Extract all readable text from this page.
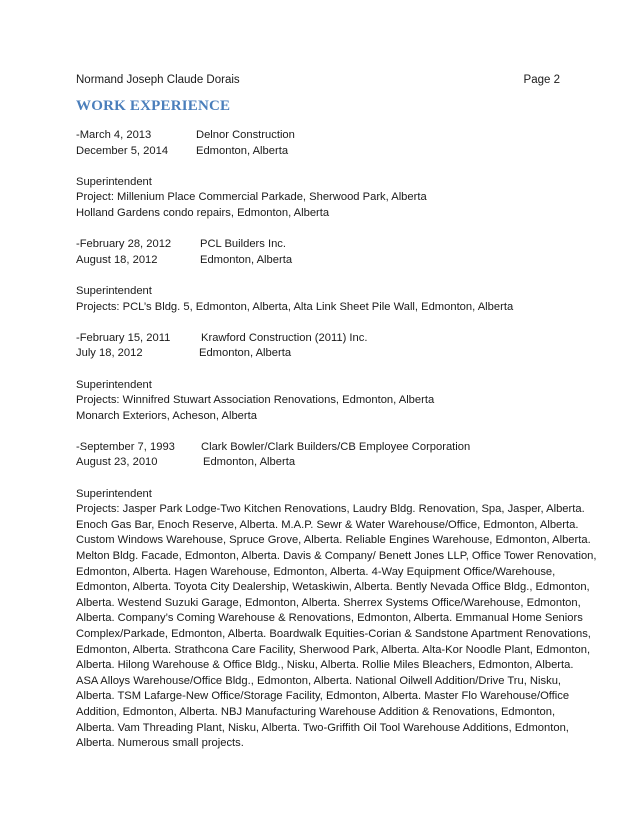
Normand Joseph Claude Dorais	Page 2
WORK EXPERIENCE
-March 4, 2013	Delnor Construction
December 5, 2014 Edmonton, Alberta
Superintendent
Project: Millenium Place Commercial Parkade, Sherwood Park, Alberta
Holland Gardens condo repairs, Edmonton, Alberta
-February 28, 2012	PCL Builders Inc.
August 18, 2012	Edmonton, Alberta
Superintendent
Projects: PCL’s Bldg. 5, Edmonton, Alberta, Alta Link Sheet Pile Wall, Edmonton, Alberta
-February 15, 2011	Krawford Construction (2011) Inc.
July 18, 2012	Edmonton, Alberta
Superintendent
Projects: Winnifred Stuwart Association Renovations, Edmonton, Alberta
Monarch Exteriors, Acheson, Alberta
-September 7, 1993 Clark Bowler/Clark Builders/CB Employee Corporation
August 23, 2010	Edmonton, Alberta
Superintendent
Projects: Jasper Park Lodge-Two Kitchen Renovations, Laudry Bldg. Renovation, Spa, Jasper, Alberta.
Enoch Gas Bar, Enoch Reserve, Alberta. M.A.P. Sewr & Water Warehouse/Office, Edmonton, Alberta.
Custom Windows Warehouse, Spruce Grove, Alberta. Reliable Engines Warehouse, Edmonton, Alberta.
Melton Bldg. Facade, Edmonton, Alberta. Davis & Company/ Benett Jones LLP, Office Tower Renovation,
Edmonton, Alberta. Hagen Warehouse, Edmonton, Alberta. 4-Way Equipment Office/Warehouse,
Edmonton, Alberta. Toyota City Dealership, Wetaskiwin, Alberta. Bently Nevada Office Bldg., Edmonton,
Alberta. Westend Suzuki Garage, Edmonton, Alberta. Sherrex Systems Office/Warehouse, Edmonton,
Alberta. Company’s Coming Warehouse & Renovations, Edmonton, Alberta. Emmanual Home Seniors
Complex/Parkade, Edmonton, Alberta. Boardwalk Equities-Corian & Sandstone Apartment Renovations,
Edmonton, Alberta. Strathcona Care Facility, Sherwood Park, Alberta. Alta-Kor Noodle Plant, Edmonton,
Alberta. Hilong Warehouse & Office Bldg., Nisku, Alberta. Rollie Miles Bleachers, Edmonton, Alberta.
ASA Alloys Warehouse/Office Bldg., Edmonton, Alberta. National Oilwell Addition/Drive Tru, Nisku,
Alberta. TSM Lafarge-New Office/Storage Facility, Edmonton, Alberta. Master Flo Warehouse/Office
Addition, Edmonton, Alberta. NBJ Manufacturing Warehouse Addition & Renovations, Edmonton,
Alberta. Vam Threading Plant, Nisku, Alberta. Two-Griffith Oil Tool Warehouse Additions, Edmonton,
Alberta. Numerous small projects.
